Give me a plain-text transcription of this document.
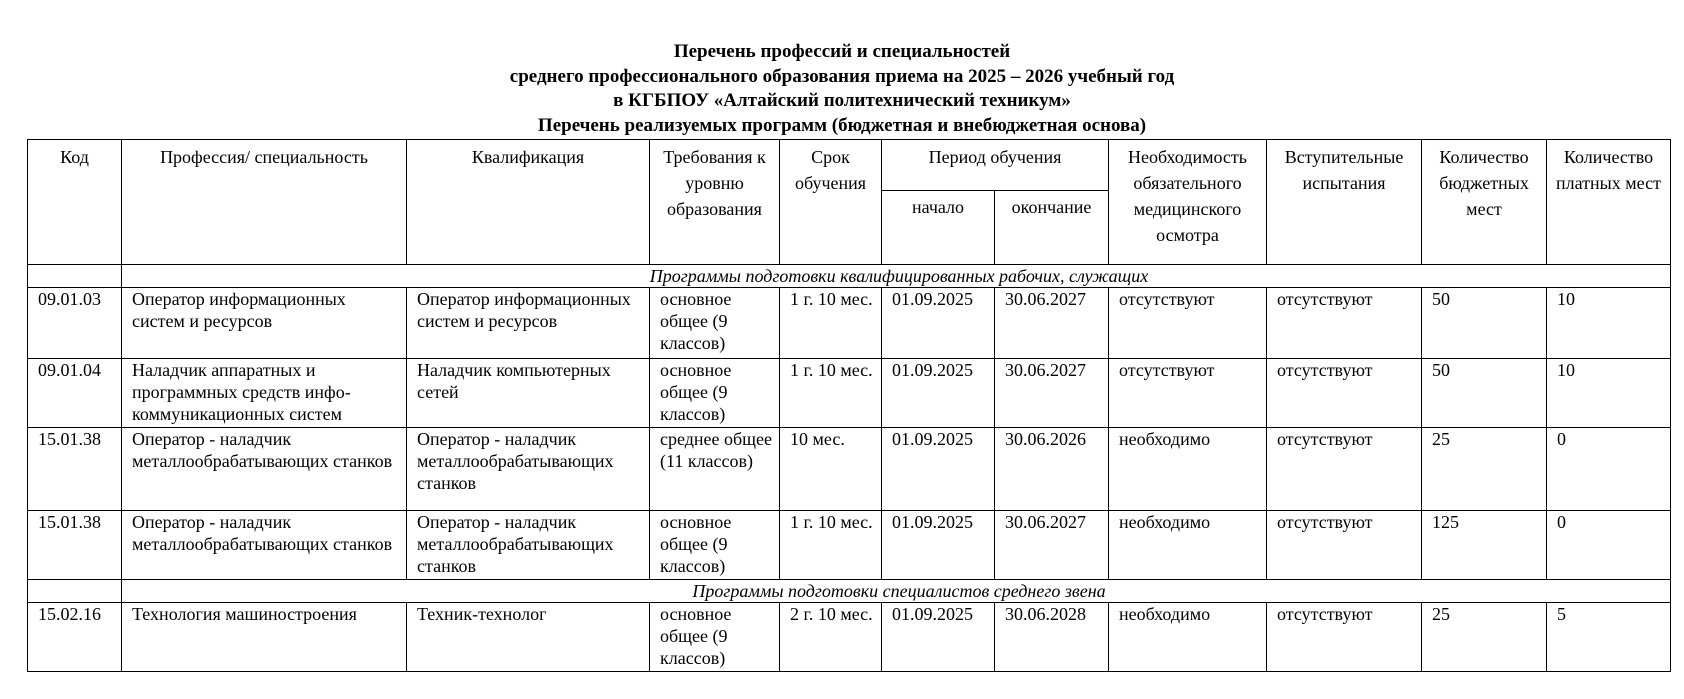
Перечень профессий и специальностей
среднего профессионального образования приема на 2025 – 2026 учебный год
в КГБПОУ «Алтайский политехнический техникум»
Перечень реализуемых программ (бюджетная и внебюджетная основа)
Код	Профессия/ специальность	Квалификация	Требования к уровню образования	Срок обучения	Период обучения		Необходимость обязательного медицинского осмотра	Вступительные испытания	Количество бюджетных мест	Количество платных мест
					начало	окончание				
	Программы подготовки квалифицированных рабочих, служащих									
09.01.03	Оператор информационных систем и ресурсов	Оператор информационных систем и ресурсов	основное общее (9 классов)	1 г. 10 мес.	01.09.2025	30.06.2027	отсутствуют	отсутствуют	50	10
09.01.04	Наладчик аппаратных и программных средств инфо-коммуникационных систем	Наладчик компьютерных сетей	основное общее (9 классов)	1 г. 10 мес.	01.09.2025	30.06.2027	отсутствуют	отсутствуют	50	10
15.01.38	Оператор - наладчик металлообрабатывающих станков	Оператор - наладчик металлообрабатывающих станков	среднее общее (11 классов)	10 мес.	01.09.2025	30.06.2026	необходимо	отсутствуют	25	0
15.01.38	Оператор - наладчик металлообрабатывающих станков	Оператор - наладчик металлообрабатывающих станков	основное общее (9 классов)	1 г. 10 мес.	01.09.2025	30.06.2027	необходимо	отсутствуют	125	0
	Программы подготовки специалистов среднего звена									
15.02.16	Технология машиностроения	Техник-технолог	основное общее (9 классов)	2 г. 10 мес.	01.09.2025	30.06.2028	необходимо	отсутствуют	25	5
